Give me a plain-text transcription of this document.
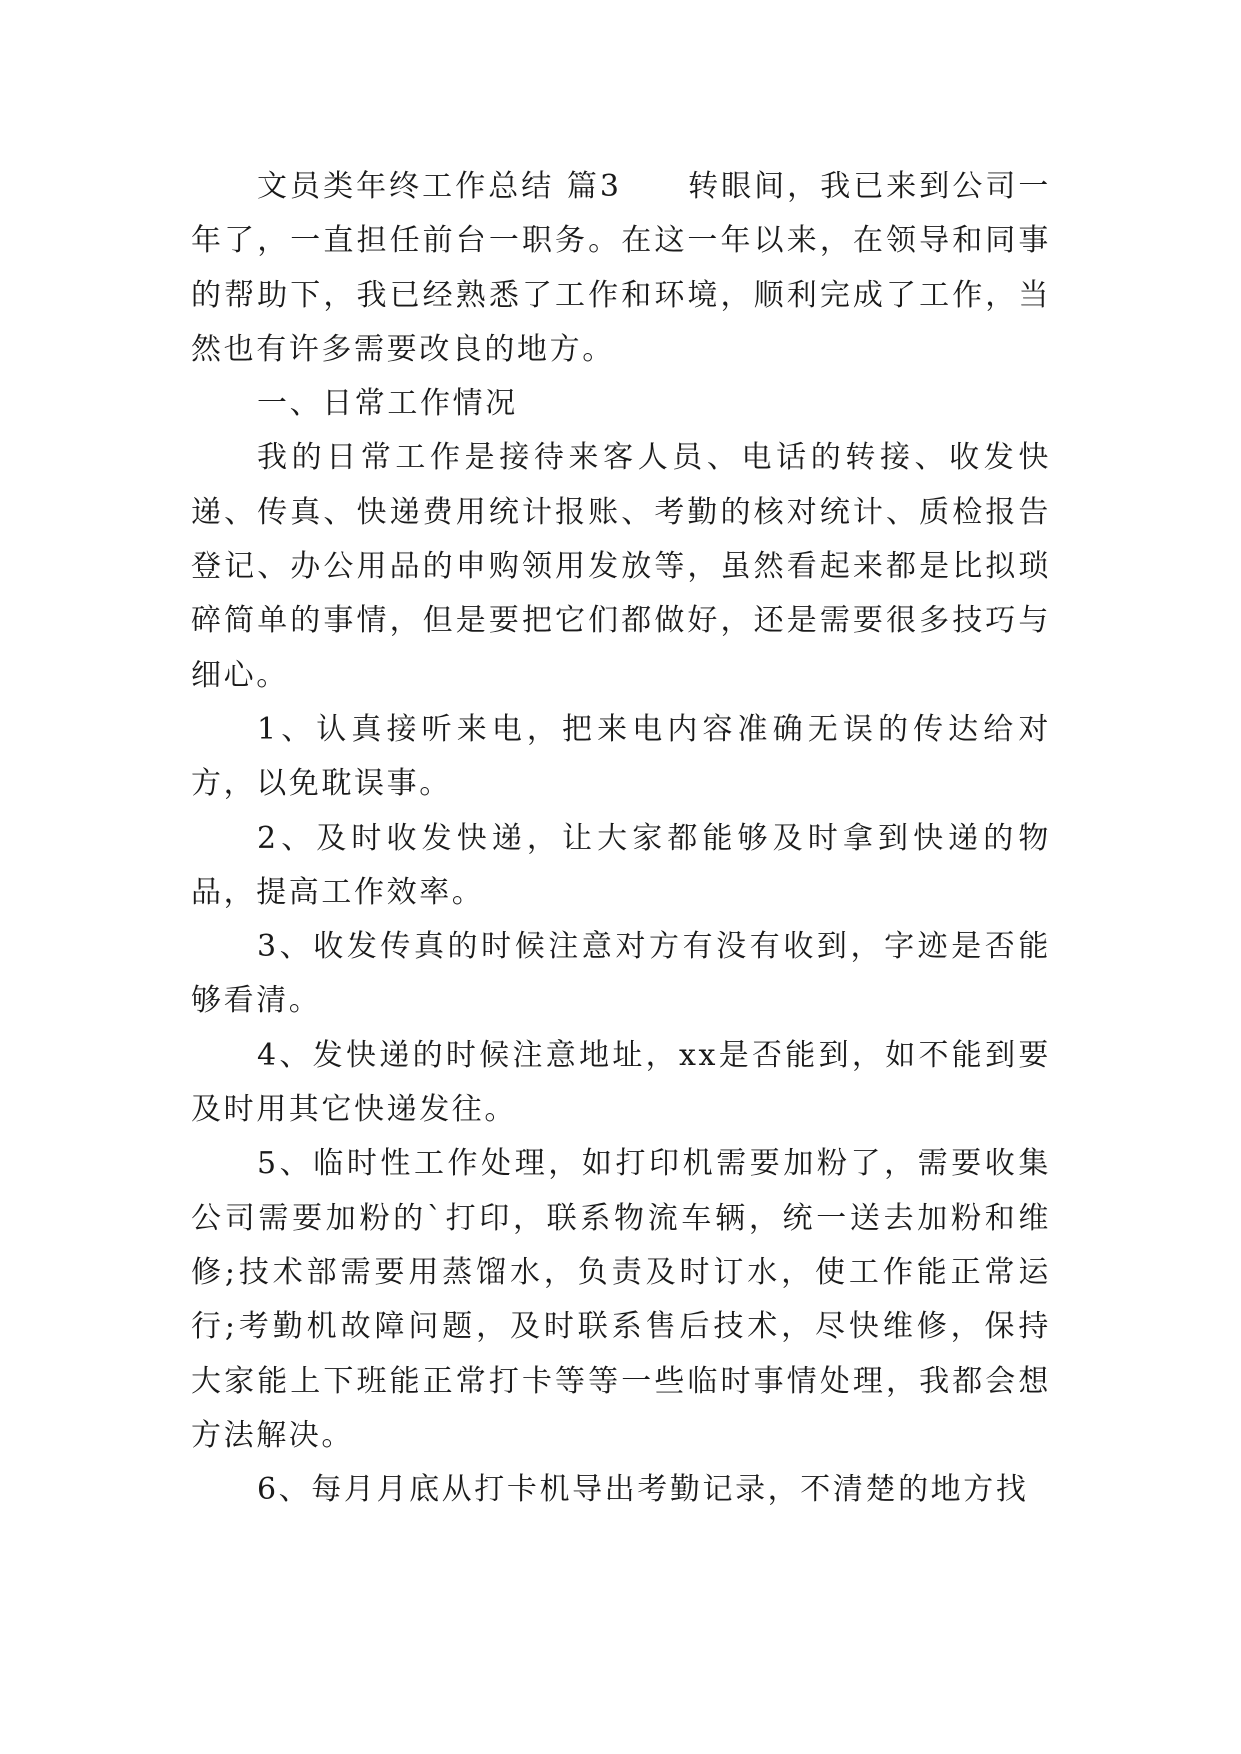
文员类年终工作总结 篇3　　转眼间，我已来到公司一年了，一直担任前台一职务。在这一年以来，在领导和同事的帮助下，我已经熟悉了工作和环境，顺利完成了工作，当然也有许多需要改良的地方。

一、日常工作情况

我的日常工作是接待来客人员、电话的转接、收发快递、传真、快递费用统计报账、考勤的核对统计、质检报告登记、办公用品的申购领用发放等，虽然看起来都是比拟琐碎简单的事情，但是要把它们都做好，还是需要很多技巧与细心。

1、认真接听来电，把来电内容准确无误的传达给对方，以免耽误事。

2、及时收发快递，让大家都能够及时拿到快递的物品，提高工作效率。

3、收发传真的时候注意对方有没有收到，字迹是否能够看清。

4、发快递的时候注意地址，xx是否能到，如不能到要及时用其它快递发往。

5、临时性工作处理，如打印机需要加粉了，需要收集公司需要加粉的`打印，联系物流车辆，统一送去加粉和维修;技术部需要用蒸馏水，负责及时订水，使工作能正常运行;考勤机故障问题，及时联系售后技术，尽快维修，保持大家能上下班能正常打卡等等一些临时事情处理，我都会想方法解决。

6、每月月底从打卡机导出考勤记录，不清楚的地方找
